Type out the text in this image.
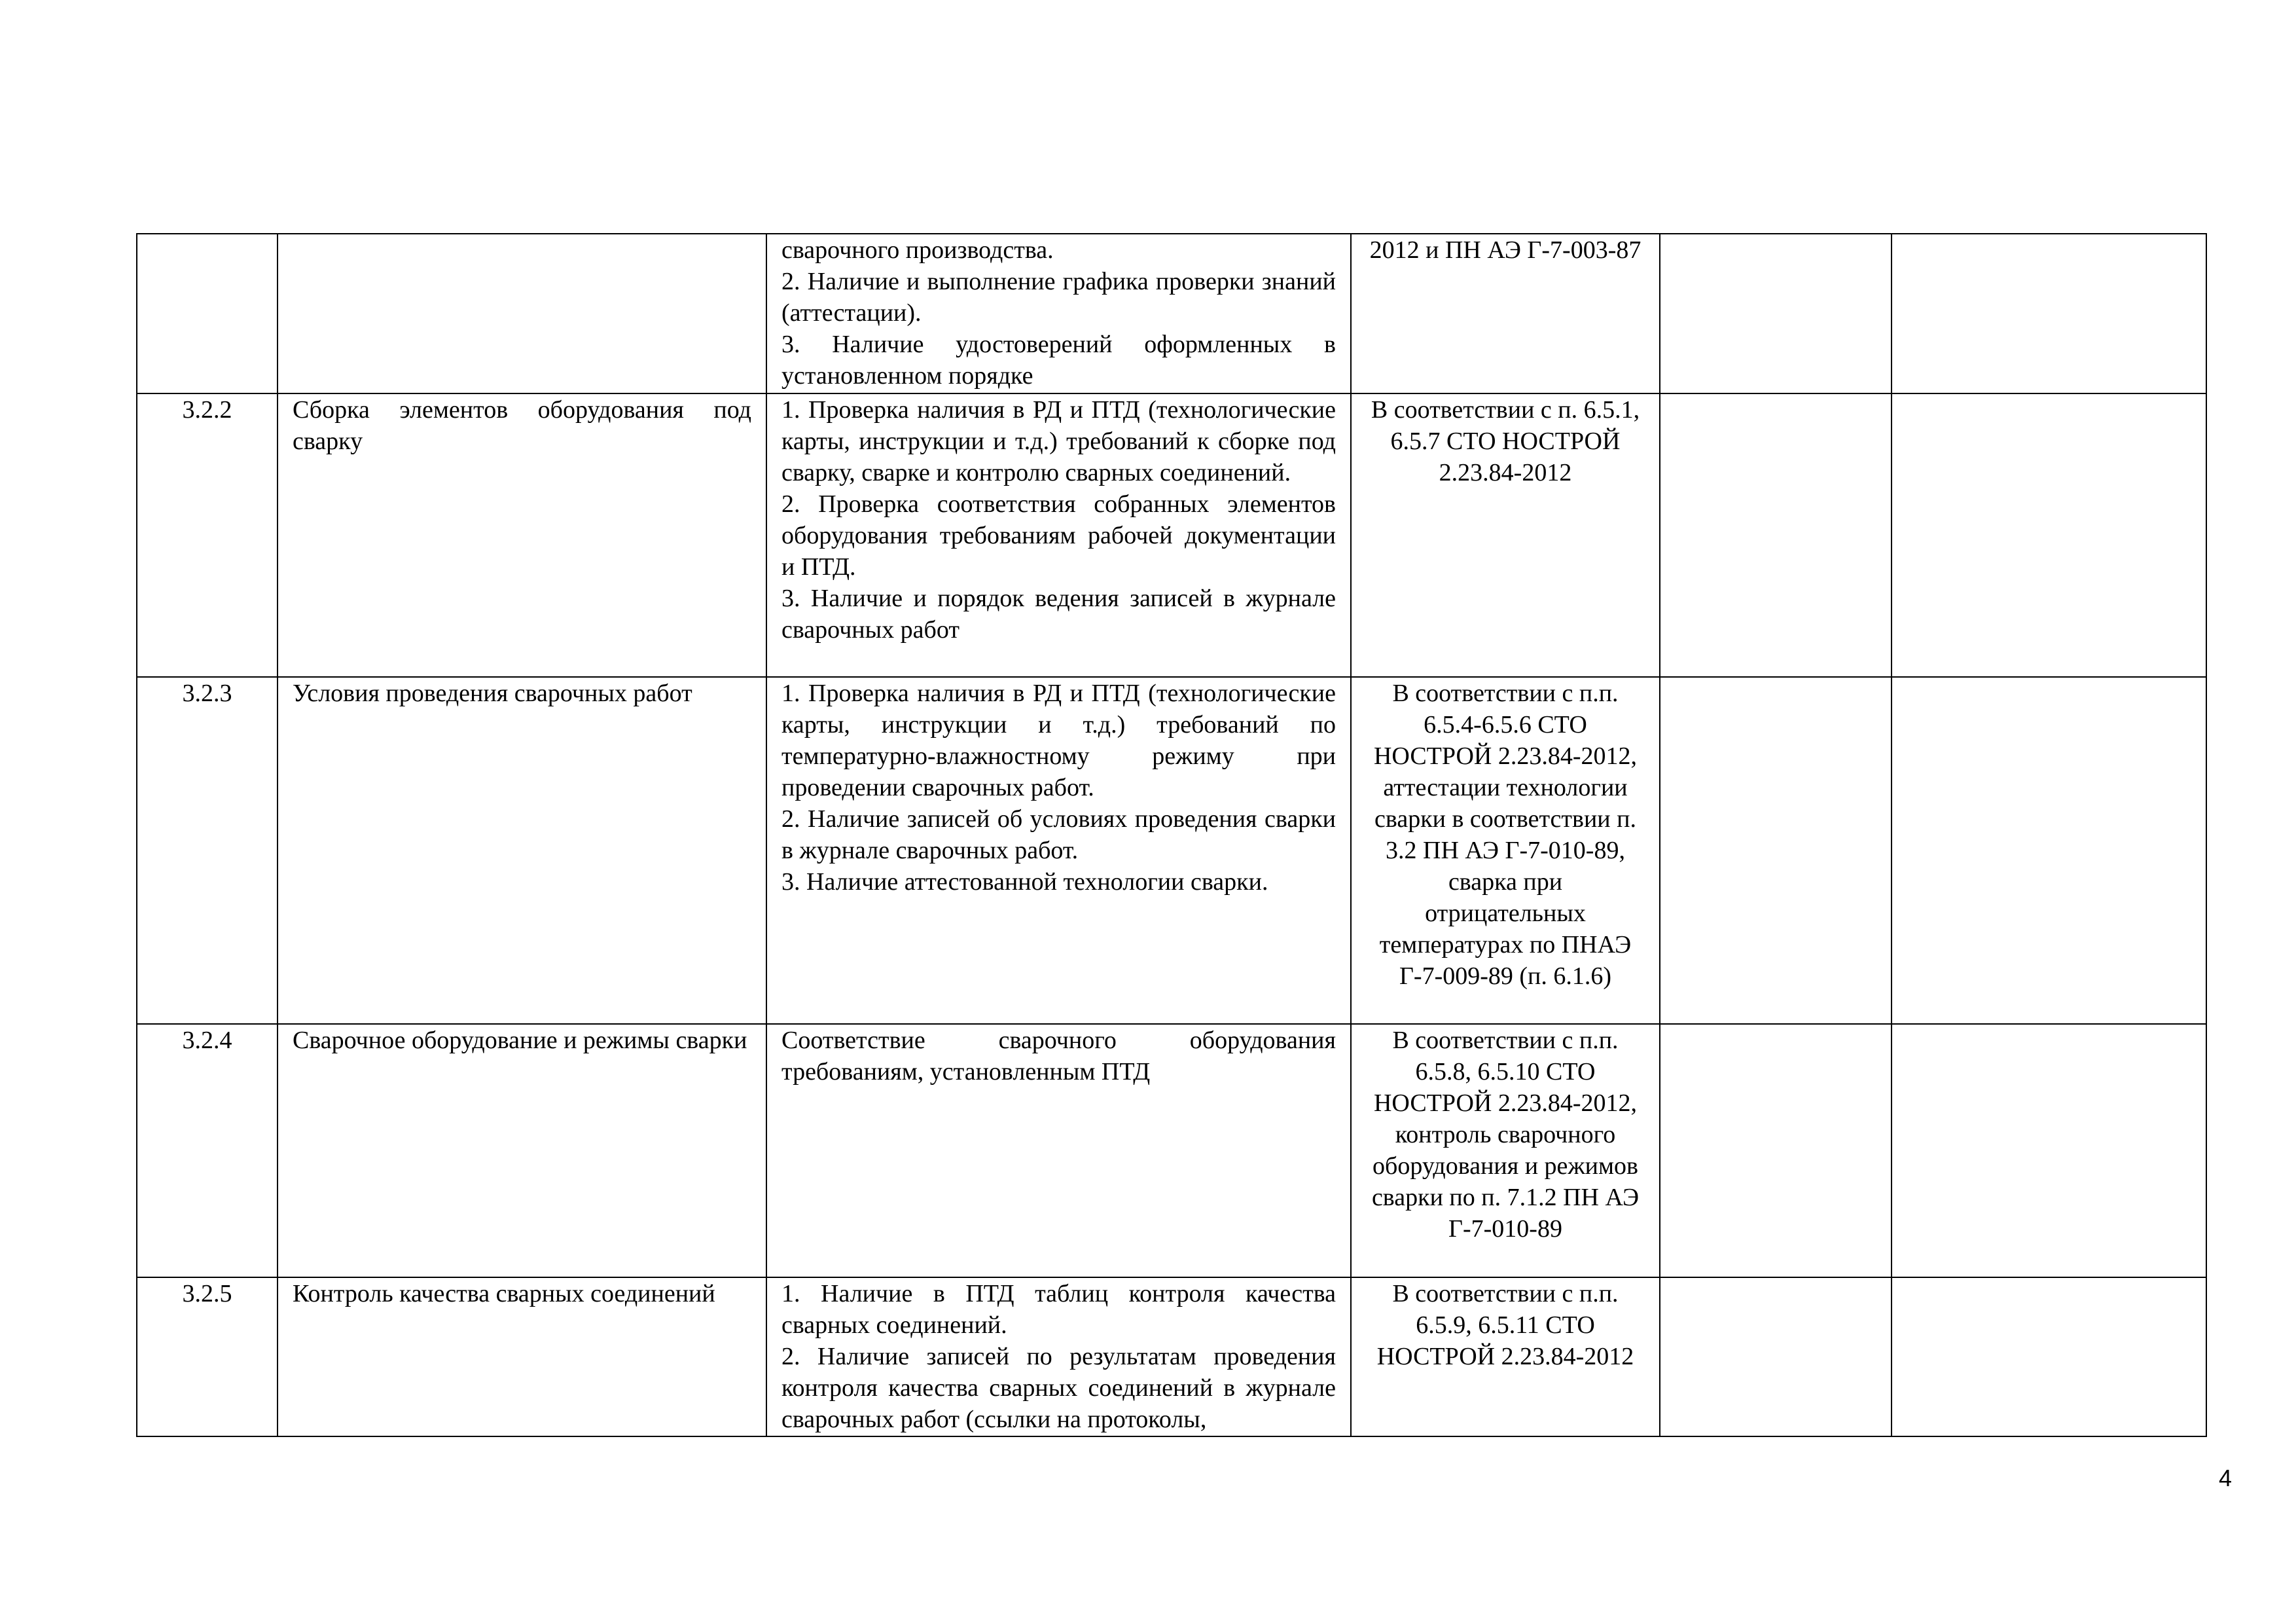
		сварочного производства.
2. Наличие и выполнение графика проверки знаний (аттестации).
3. Наличие удостоверений оформленных в установленном порядке	2012 и ПН АЭ Г-7-003-87		
3.2.2	Сборка элементов оборудования под сварку	1. Проверка наличия в РД и ПТД (технологические карты, инструкции и т.д.) требований к сборке под сварку, сварке и контролю сварных соединений.
2. Проверка соответствия собранных элементов оборудования требованиям рабочей документации и ПТД.
3. Наличие и порядок ведения записей в журнале сварочных работ	В соответствии с п. 6.5.1, 6.5.7 СТО НОСТРОЙ 2.23.84-2012		
3.2.3	Условия проведения сварочных работ	1. Проверка наличия в РД и ПТД (технологические карты, инструкции и т.д.) требований по температурно-влажностному режиму при проведении сварочных работ.
2. Наличие записей об условиях проведения сварки в журнале сварочных работ.
3. Наличие аттестованной технологии сварки.	В соответствии с п.п. 6.5.4-6.5.6 СТО НОСТРОЙ 2.23.84-2012, аттестации технологии сварки в соответствии п. 3.2 ПН АЭ Г-7-010-89, сварка при отрицательных температурах по ПНАЭ Г-7-009-89 (п. 6.1.6)		
3.2.4	Сварочное оборудование и режимы сварки	Соответствие сварочного оборудования требованиям, установленным ПТД	В соответствии с п.п. 6.5.8, 6.5.10 СТО НОСТРОЙ 2.23.84-2012, контроль сварочного оборудования и режимов сварки по п. 7.1.2 ПН АЭ Г-7-010-89		
3.2.5	Контроль качества сварных соединений	1. Наличие в ПТД таблиц контроля качества сварных соединений.
2. Наличие записей по результатам проведения контроля качества сварных соединений в журнале сварочных работ (ссылки на протоколы,	В соответствии с п.п. 6.5.9, 6.5.11 СТО НОСТРОЙ 2.23.84-2012		
4
